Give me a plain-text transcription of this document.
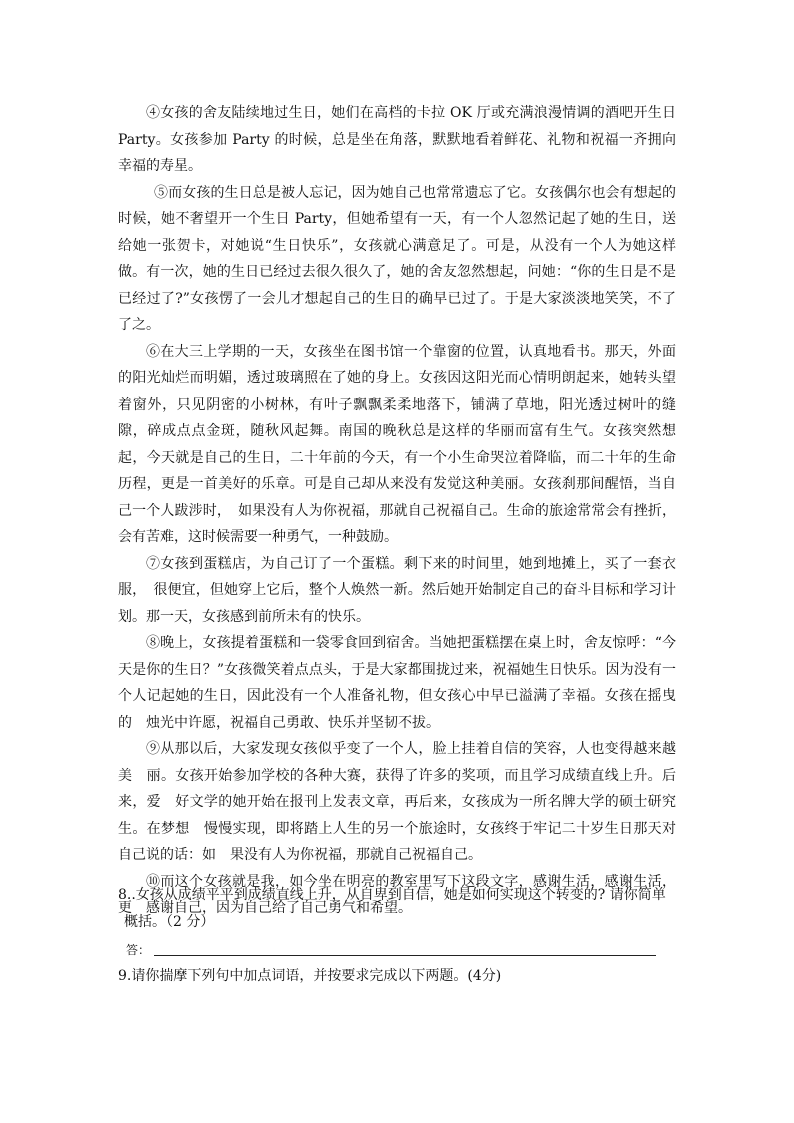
④女孩的舍友陆续地过生日，她们在高档的卡拉 OK 厅或充满浪漫情调的酒吧开生日 Party。女孩参加 Party 的时候，总是坐在角落，默默地看着鲜花、礼物和祝福一齐拥向幸福的寿星。

⑤而女孩的生日总是被人忘记，因为她自己也常常遗忘了它。女孩偶尔也会有想起的时候，她不奢望开一个生日 Party，但她希望有一天，有一个人忽然记起了她的生日，送给她一张贺卡，对她说“生日快乐”，女孩就心满意足了。可是，从没有一个人为她这样做。有一次，她的生日已经过去很久很久了，她的舍友忽然想起，问她：“你的生日是不是已经过了?”女孩愣了一会儿才想起自己的生日的确早已过了。于是大家淡淡地笑笑，不了了之。

⑥在大三上学期的一天，女孩坐在图书馆一个靠窗的位置，认真地看书。那天，外面的阳光灿烂而明媚，透过玻璃照在了她的身上。女孩因这阳光而心情明朗起来，她转头望着窗外，只见阴密的小树林，有叶子飘飘柔柔地落下，铺满了草地，阳光透过树叶的缝隙，碎成点点金斑，随秋风起舞。南国的晚秋总是这样的华丽而富有生气。女孩突然想起，今天就是自己的生日，二十年前的今天，有一个小生命哭泣着降临，而二十年的生命历程，更是一首美好的乐章。可是自己却从来没有发觉这种美丽。女孩刹那间醒悟，当自己一个人跋涉时，　如果没有人为你祝福，那就自己祝福自己。生命的旅途常常会有挫折，会有苦难，这时候需要一种勇气，一种鼓励。

⑦女孩到蛋糕店，为自己订了一个蛋糕。剩下来的时间里，她到地摊上，买了一套衣服，　很便宜，但她穿上它后，整个人焕然一新。然后她开始制定自己的奋斗目标和学习计划。那一天，女孩感到前所未有的快乐。

⑧晚上，女孩提着蛋糕和一袋零食回到宿舍。当她把蛋糕摆在桌上时，舍友惊呼：“今　天是你的生日？”女孩微笑着点点头，于是大家都围拢过来，祝福她生日快乐。因为没有一　个人记起她的生日，因此没有一个人准备礼物，但女孩心中早已溢满了幸福。女孩在摇曳的　烛光中许愿，祝福自己勇敢、快乐并坚韧不拔。

⑨从那以后，大家发现女孩似乎变了一个人，脸上挂着自信的笑容，人也变得越来越美　丽。女孩开始参加学校的各种大赛，获得了许多的奖项，而且学习成绩直线上升。后来，爱　好文学的她开始在报刊上发表文章，再后来，女孩成为一所名牌大学的硕士研究生。在梦想　慢慢实现，即将踏上人生的另一个旅途时，女孩终于牢记二十岁生日那天对自己说的话：如　果没有人为你祝福，那就自己祝福自己。

⑩而这个女孩就是我，如今坐在明亮的教室里写下这段文字，感谢生活，感谢生活，更　感谢自己，因为自己给了自己勇气和希望。

8..女孩从成绩平平到成绩直线上升，从自卑到自信，她是如何实现这个转变的? 请你简单

概括。（2 分）

答：

9.请你揣摩下列句中加点词语，并按要求完成以下两题。(4分)
